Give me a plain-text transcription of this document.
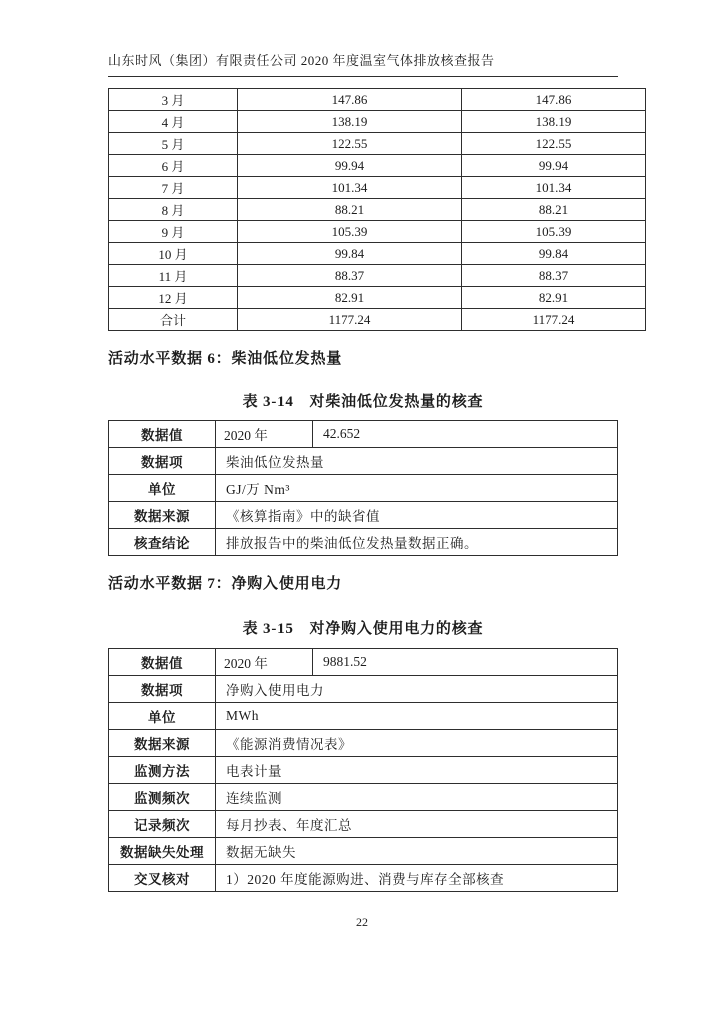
山东时风（集团）有限责任公司 2020 年度温室气体排放核查报告
3 月	147.86	147.86
4 月	138.19	138.19
5 月	122.55	122.55
6 月	99.94	99.94
7 月	101.34	101.34
8 月	88.21	88.21
9 月	105.39	105.39
10 月	99.84	99.84
11 月	88.37	88.37
12 月	82.91	82.91
合计	1177.24	1177.24
活动水平数据 6：柴油低位发热量
表 3-14　对柴油低位发热量的核查
数据值	2020 年	42.652
数据项	柴油低位发热量	
单位	GJ/万 Nm³	
数据来源	《核算指南》中的缺省值	
核查结论	排放报告中的柴油低位发热量数据正确。	
活动水平数据 7：净购入使用电力
表 3-15　对净购入使用电力的核查
数据值	2020 年	9881.52
数据项	净购入使用电力	
单位	MWh	
数据来源	《能源消费情况表》	
监测方法	电表计量	
监测频次	连续监测	
记录频次	每月抄表、年度汇总	
数据缺失处理	数据无缺失	
交叉核对	1）2020 年度能源购进、消费与库存全部核查	
22
